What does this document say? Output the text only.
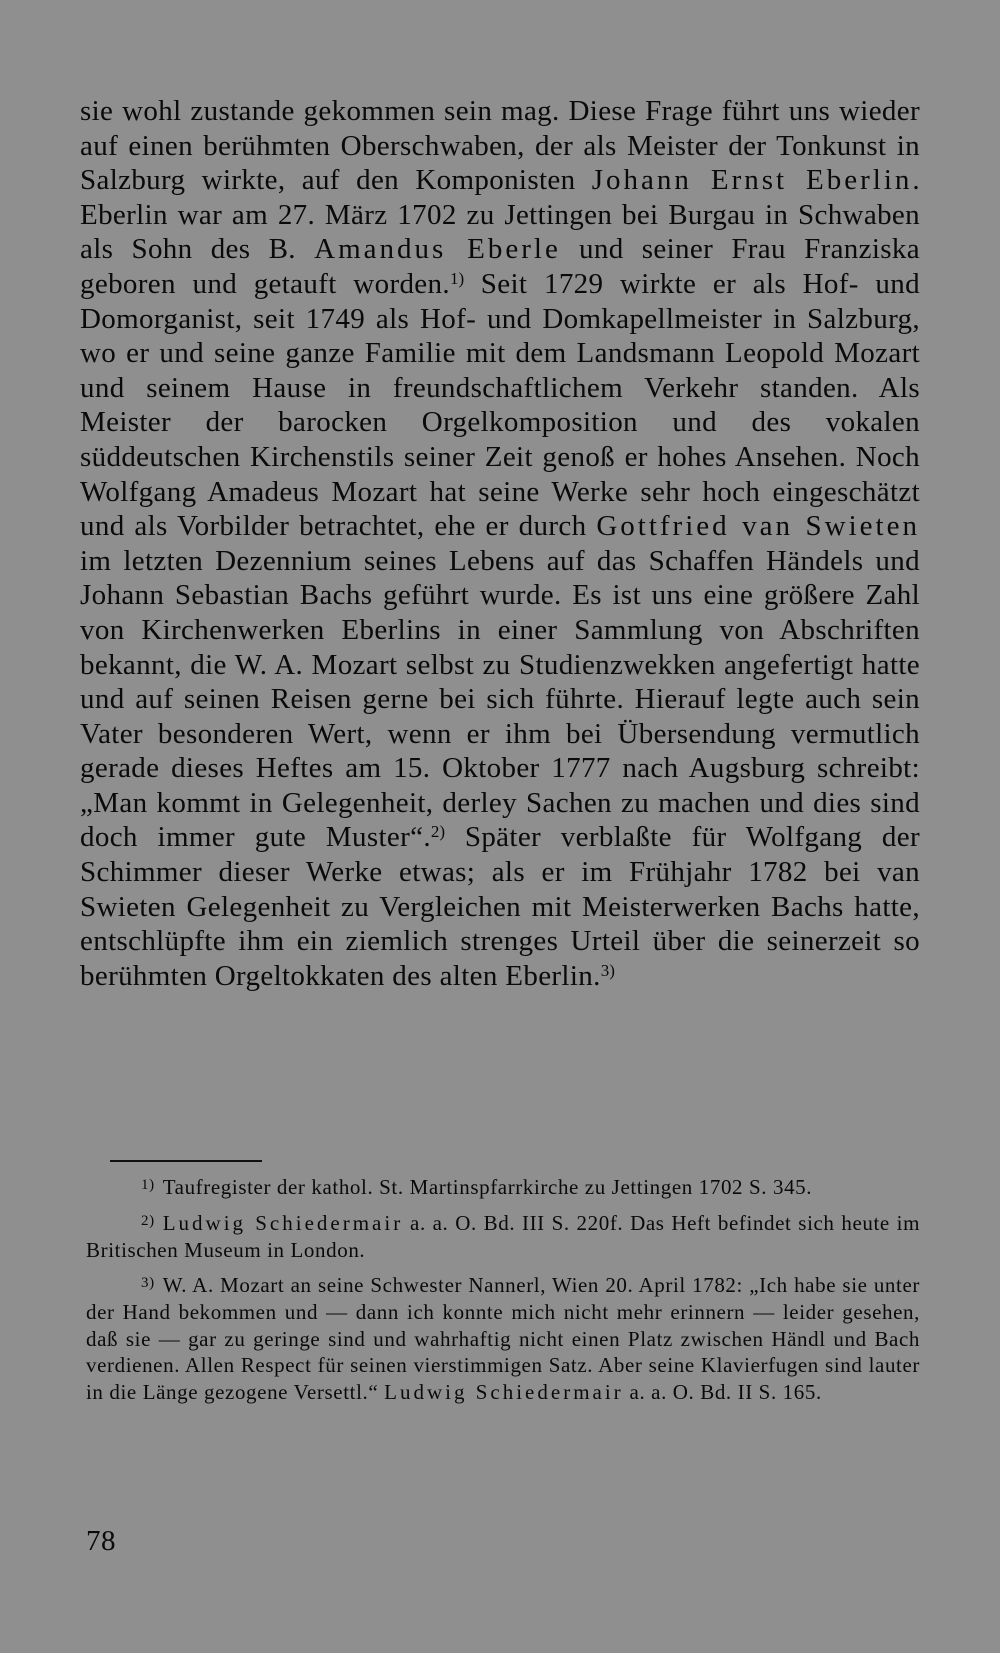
sie wohl zustande gekommen sein mag. Diese Frage führt uns wieder auf einen berühmten Oberschwaben, der als Meister der Tonkunst in Salzburg wirkte, auf den Komponisten Johann Ernst Eberlin. Eberlin war am 27. März 1702 zu Jettingen bei Burgau in Schwaben als Sohn des B. Amandus Eberle und seiner Frau Franziska geboren und getauft worden.$^{1)}$ Seit 1729 wirkte er als Hof- und Domorganist, seit 1749 als Hof- und Domkapellmeister in Salzburg, wo er und seine ganze Familie mit dem Landsmann Leopold Mozart und seinem Hause in freundschaftlichem Verkehr standen. Als Meister der barocken Orgelkomposition und des vokalen süddeutschen Kirchenstils seiner Zeit genoß er hohes Ansehen. Noch Wolfgang Amadeus Mozart hat seine Werke sehr hoch eingeschätzt und als Vorbilder betrachtet, ehe er durch Gottfried van Swieten im letzten Dezennium seines Lebens auf das Schaffen Händels und Johann Sebastian Bachs geführt wurde. Es ist uns eine größere Zahl von Kirchenwerken Eberlins in einer Sammlung von Abschriften bekannt, die W. A. Mozart selbst zu Studienzwekken angefertigt hatte und auf seinen Reisen gerne bei sich führte. Hierauf legte auch sein Vater besonderen Wert, wenn er ihm bei Übersendung vermutlich gerade dieses Heftes am 15. Oktober 1777 nach Augsburg schreibt: „Man kommt in Gelegenheit, derley Sachen zu machen und dies sind doch immer gute Muster“.$^{2)}$ Später verblaßte für Wolfgang der Schimmer dieser Werke etwas; als er im Frühjahr 1782 bei van Swieten Gelegenheit zu Vergleichen mit Meisterwerken Bachs hatte, entschlüpfte ihm ein ziemlich strenges Urteil über die seinerzeit so berühmten Orgeltokkaten des alten Eberlin.$^{3)}$

$^{1)}$ Taufregister der kathol. St. Martinspfarrkirche zu Jettingen 1702 S. 345.

$^{2)}$ Ludwig Schiedermair a. a. O. Bd. III S. 220f. Das Heft befindet sich heute im Britischen Museum in London.

$^{3)}$ W. A. Mozart an seine Schwester Nannerl, Wien 20. April 1782: „Ich habe sie unter der Hand bekommen und — dann ich konnte mich nicht mehr erinnern — leider gesehen, daß sie — gar zu geringe sind und wahrhaftig nicht einen Platz zwischen Händl und Bach verdienen. Allen Respect für seinen vierstimmigen Satz. Aber seine Klavierfugen sind lauter in die Länge gezogene Versettl.“ Ludwig Schiedermair a. a. O. Bd. II S. 165.

78
